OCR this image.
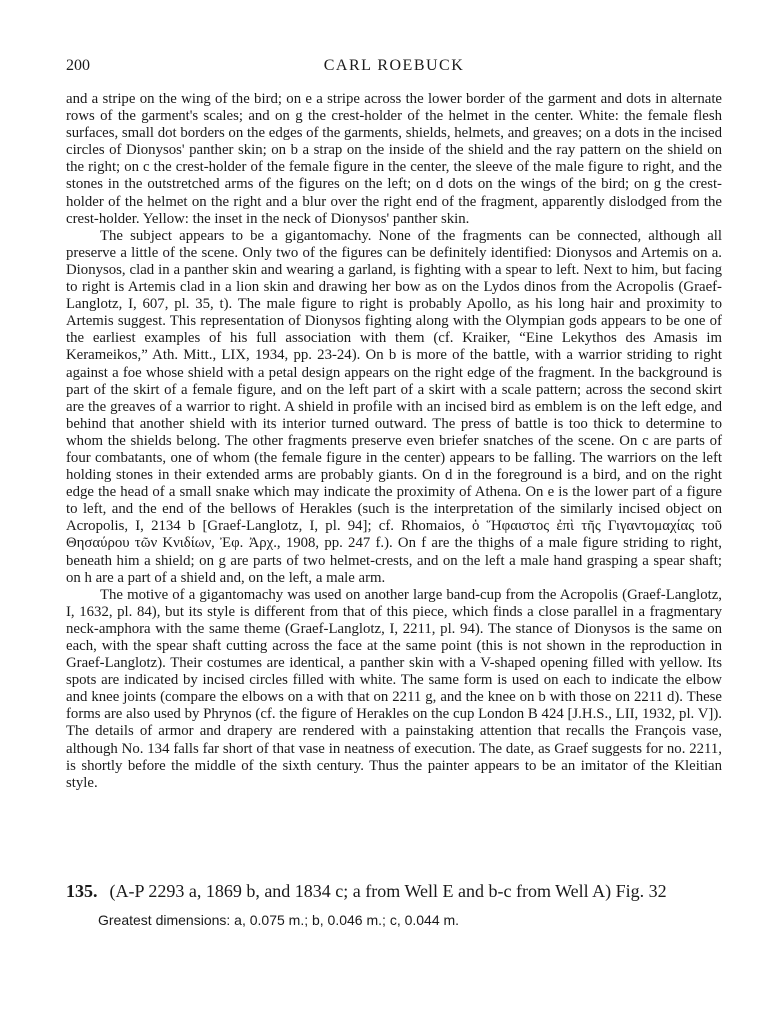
200	CARL ROEBUCK

and a stripe on the wing of the bird; on e a stripe across the lower border of the garment and dots in alternate rows of the garment's scales; and on g the crest-holder of the helmet in the center. White: the female flesh surfaces, small dot borders on the edges of the garments, shields, helmets, and greaves; on a dots in the incised circles of Dionysos' panther skin; on b a strap on the inside of the shield and the ray pattern on the shield on the right; on c the crest-holder of the female figure in the center, the sleeve of the male figure to right, and the stones in the outstretched arms of the figures on the left; on d dots on the wings of the bird; on g the crest-holder of the helmet on the right and a blur over the right end of the fragment, apparently dislodged from the crest-holder. Yellow: the inset in the neck of Dionysos' panther skin.

The subject appears to be a gigantomachy. None of the fragments can be connected, although all preserve a little of the scene. Only two of the figures can be definitely identified: Dionysos and Artemis on a. Dionysos, clad in a panther skin and wearing a garland, is fighting with a spear to left. Next to him, but facing to right is Artemis clad in a lion skin and drawing her bow as on the Lydos dinos from the Acropolis (Graef-Langlotz, I, 607, pl. 35, t). The male figure to right is probably Apollo, as his long hair and proximity to Artemis suggest. This representation of Dionysos fighting along with the Olympian gods appears to be one of the earliest examples of his full association with them (cf. Kraiker, “Eine Lekythos des Amasis im Kerameikos,” Ath. Mitt., LIX, 1934, pp. 23-24). On b is more of the battle, with a warrior striding to right against a foe whose shield with a petal design appears on the right edge of the fragment. In the background is part of the skirt of a female figure, and on the left part of a skirt with a scale pattern; across the second skirt are the greaves of a warrior to right. A shield in profile with an incised bird as emblem is on the left edge, and behind that another shield with its interior turned outward. The press of battle is too thick to determine to whom the shields belong. The other fragments preserve even briefer snatches of the scene. On c are parts of four combatants, one of whom (the female figure in the center) appears to be falling. The warriors on the left holding stones in their extended arms are probably giants. On d in the foreground is a bird, and on the right edge the head of a small snake which may indicate the proximity of Athena. On e is the lower part of a figure to left, and the end of the bellows of Herakles (such is the interpretation of the similarly incised object on Acropolis, I, 2134 b [Graef-Langlotz, I, pl. 94]; cf. Rhomaios, ὁ Ἥφαιστος ἐπὶ τῆς Γιγαντομαχίας τοῦ Θησαύρου τῶν Κνιδίων, Ἐφ. Ἀρχ., 1908, pp. 247 f.). On f are the thighs of a male figure striding to right, beneath him a shield; on g are parts of two helmet-crests, and on the left a male hand grasping a spear shaft; on h are a part of a shield and, on the left, a male arm.

The motive of a gigantomachy was used on another large band-cup from the Acropolis (Graef-Langlotz, I, 1632, pl. 84), but its style is different from that of this piece, which finds a close parallel in a fragmentary neck-amphora with the same theme (Graef-Langlotz, I, 2211, pl. 94). The stance of Dionysos is the same on each, with the spear shaft cutting across the face at the same point (this is not shown in the reproduction in Graef-Langlotz). Their costumes are identical, a panther skin with a V-shaped opening filled with yellow. Its spots are indicated by incised circles filled with white. The same form is used on each to indicate the elbow and knee joints (compare the elbows on a with that on 2211 g, and the knee on b with those on 2211 d). These forms are also used by Phrynos (cf. the figure of Herakles on the cup London B 424 [J.H.S., LII, 1932, pl. V]). The details of armor and drapery are rendered with a painstaking attention that recalls the François vase, although No. 134 falls far short of that vase in neatness of execution. The date, as Graef suggests for no. 2211, is shortly before the middle of the sixth century. Thus the painter appears to be an imitator of the Kleitian style.

135. (A-P 2293 a, 1869 b, and 1834 c; a from Well E and b-c from Well A) Fig. 32
Greatest dimensions: a, 0.075 m.; b, 0.046 m.; c, 0.044 m.
